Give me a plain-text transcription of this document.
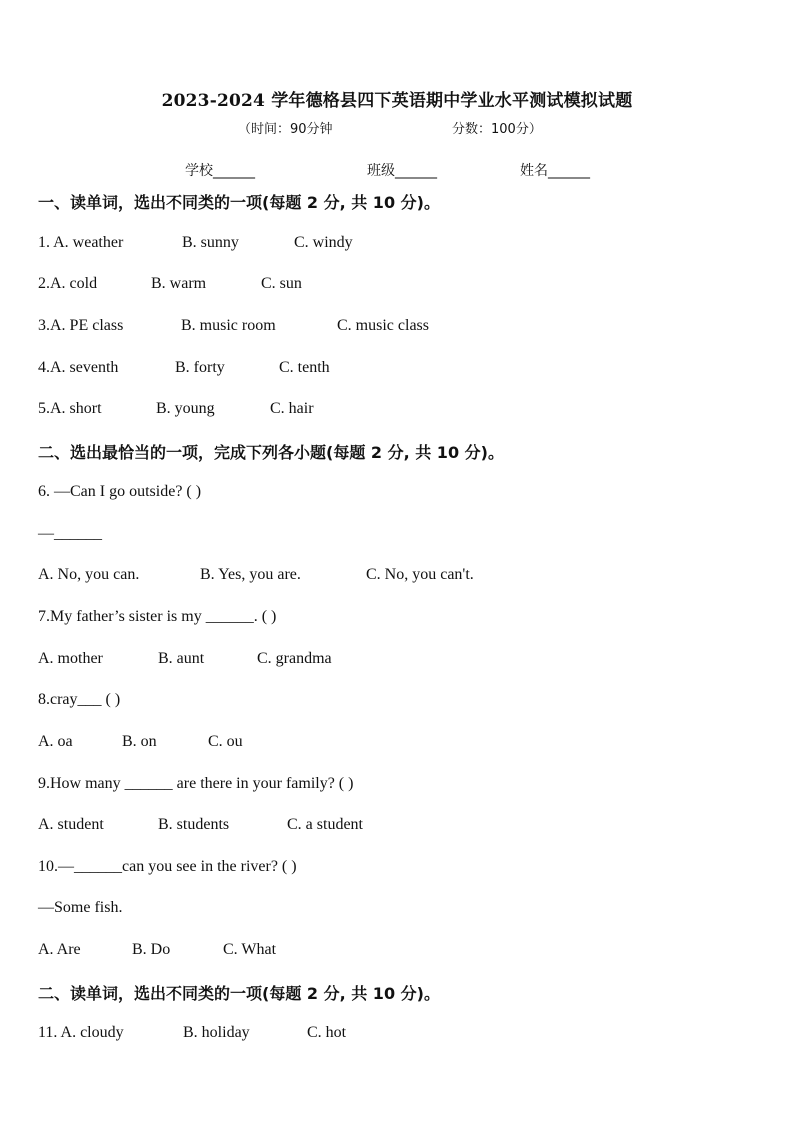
2023-2024 学年德格县四下英语期中学业水平测试模拟试题
（时间：90分钟	分数：100分）
学校______	班级______	姓名______
一、读单词，选出不同类的一项(每题 2 分, 共 10 分)。
1. A. weather	B. sunny	C. windy
2.A. cold	B. warm	C. sun
3.A. PE class	B. music room	C. music class
4.A. seventh	B. forty	C. tenth
5.A. short	B. young	C. hair
二、选出最恰当的一项，完成下列各小题(每题 2 分, 共 10 分)。
6. —Can I go outside? ( )
—______
A. No, you can.	B. Yes, you are.	C. No, you can't.
7.My father’s sister is my ______. ( )
A. mother	B. aunt	C. grandma
8.cray___ ( )
A. oa	B. on	C. ou
9.How many ______ are there in your family? ( )
A. student	B. students	C. a student
10.—______can you see in the river? ( )
—Some fish.
A. Are	B. Do	C. What
二、读单词，选出不同类的一项(每题 2 分, 共 10 分)。
11. A. cloudy	B. holiday	C. hot
